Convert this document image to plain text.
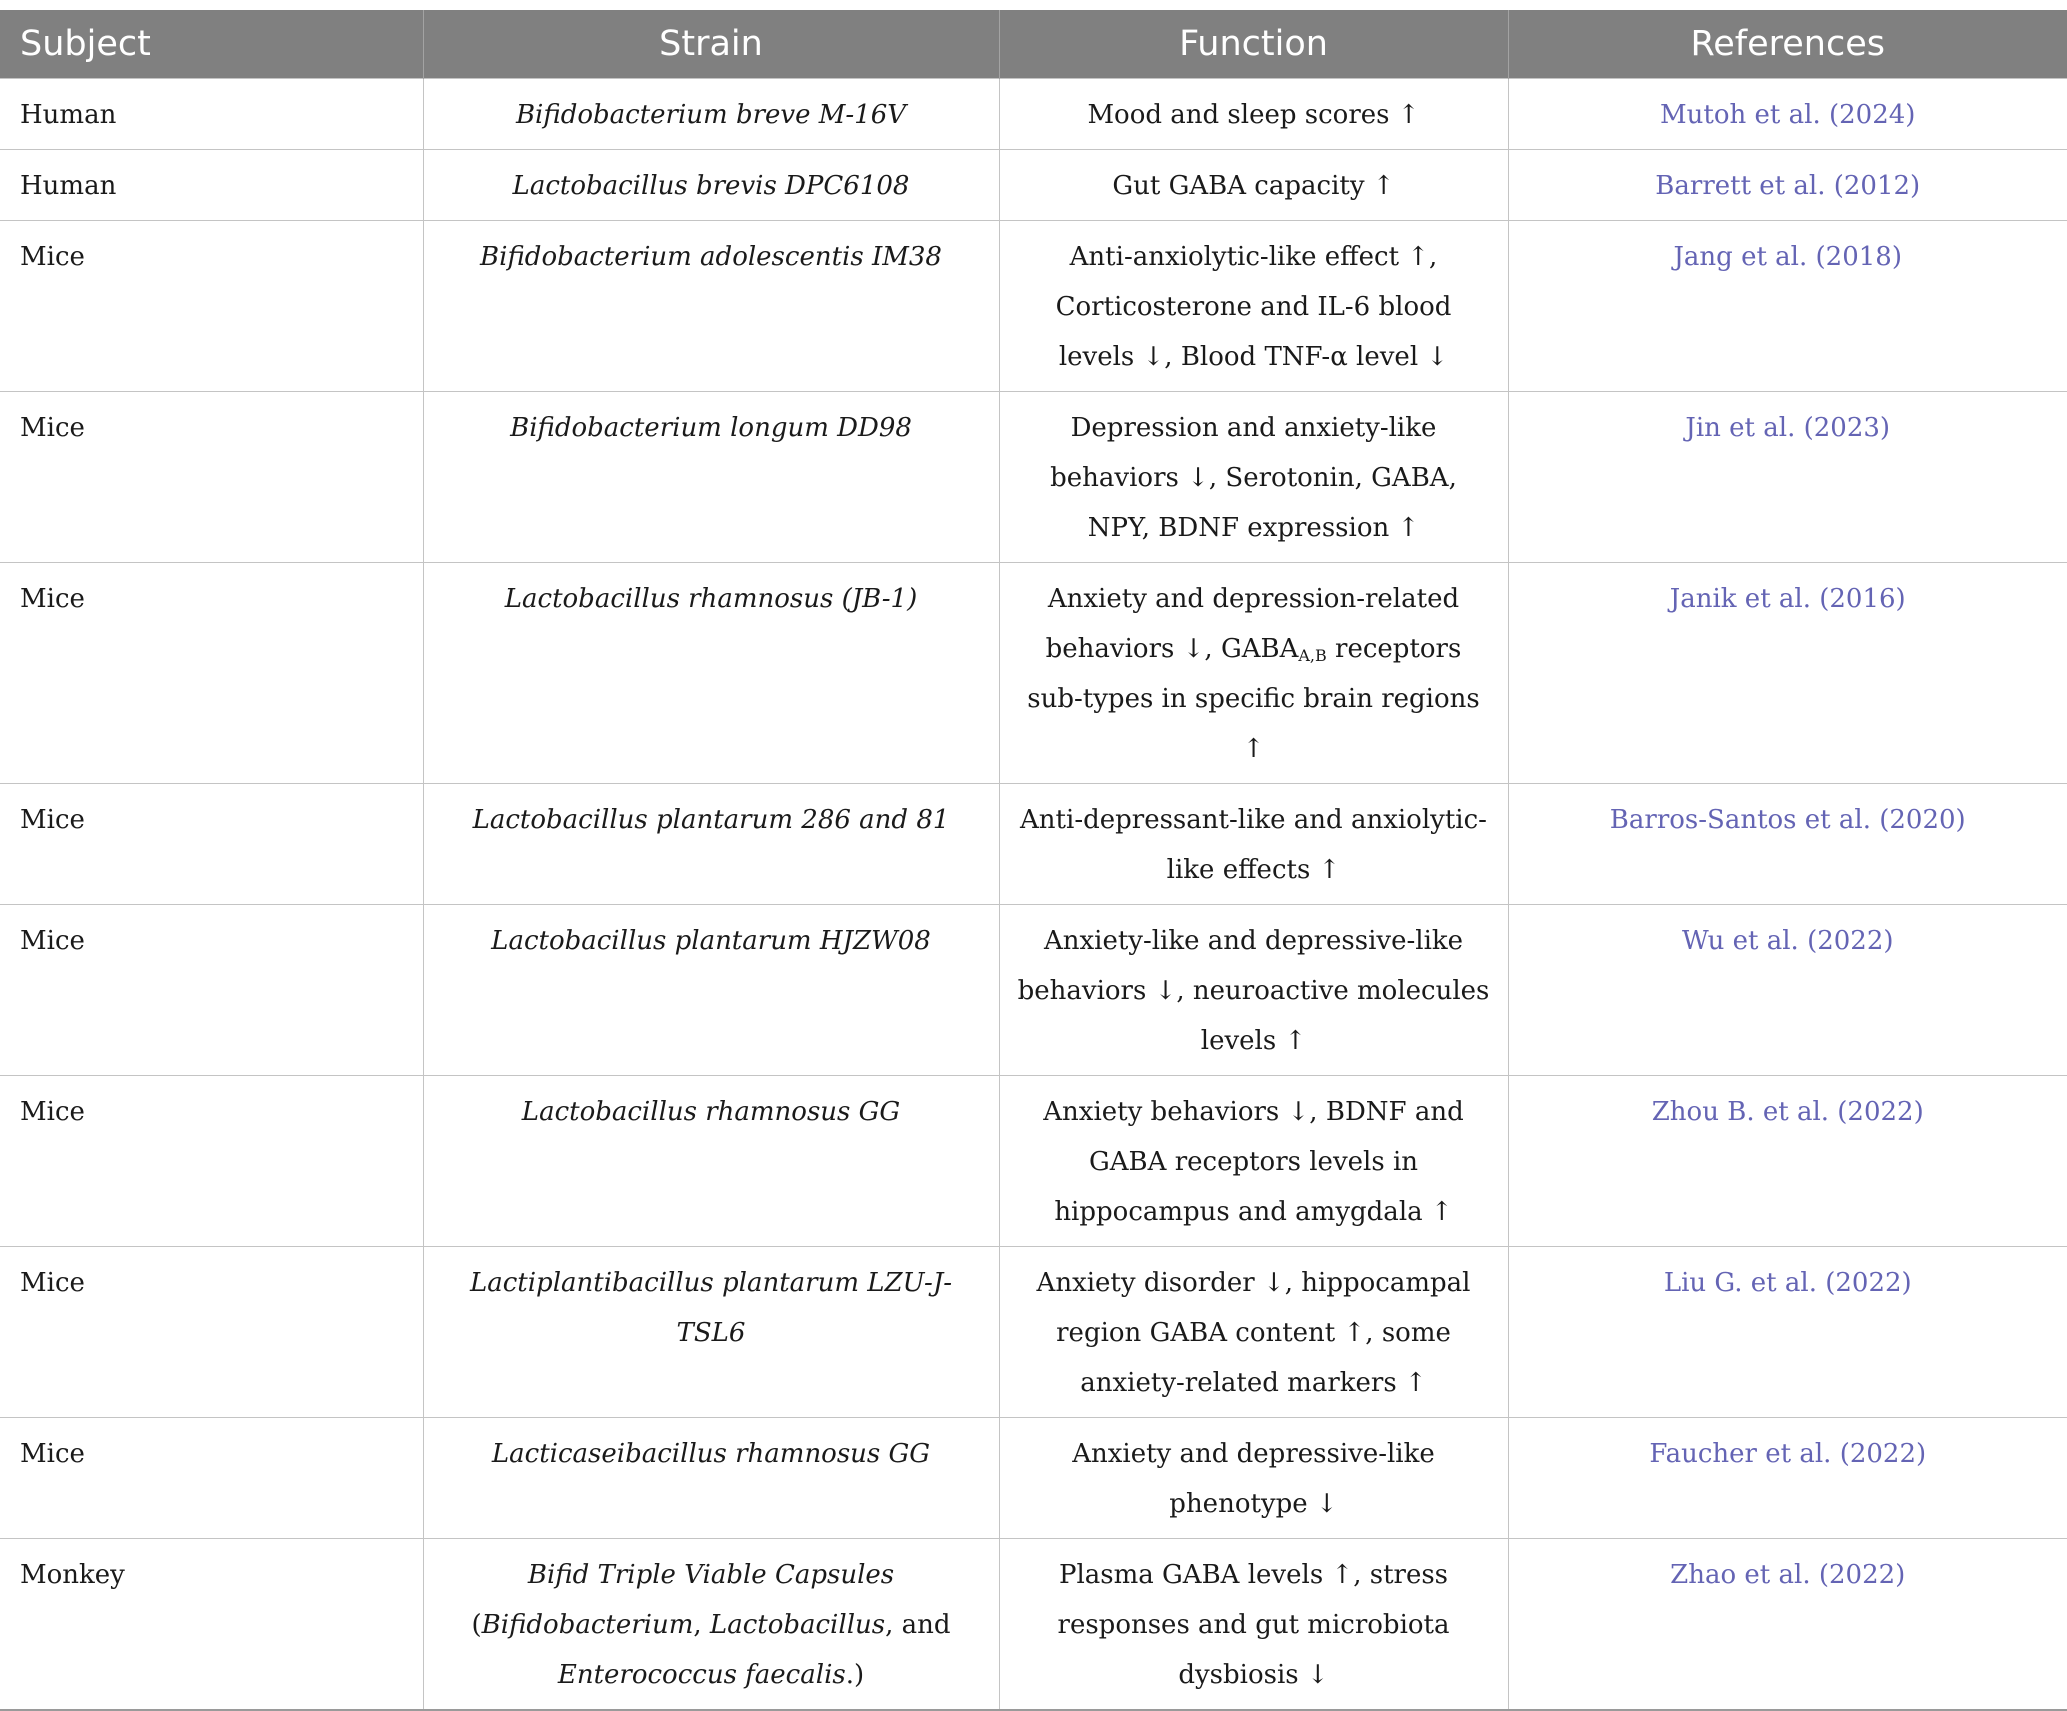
Subject	Strain	Function	References
Human	Bifidobacterium breve M-16V	Mood and sleep scores ↑	Mutoh et al. (2024)
Human	Lactobacillus brevis DPC6108	Gut GABA capacity ↑	Barrett et al. (2012)
Mice	Bifidobacterium adolescentis IM38	Anti-anxiolytic-like effect ↑, Corticosterone and IL-6 blood levels ↓, Blood TNF-α level ↓	Jang et al. (2018)
Mice	Bifidobacterium longum DD98	Depression and anxiety-like behaviors ↓, Serotonin, GABA, NPY, BDNF expression ↑	Jin et al. (2023)
Mice	Lactobacillus rhamnosus (JB-1)	Anxiety and depression-related behaviors ↓, $GABA_{A,B}$ receptors sub-types in specific brain regions ↑	Janik et al. (2016)
Mice	Lactobacillus plantarum 286 and 81	Anti-depressant-like and anxiolytic-like effects ↑	Barros-Santos et al. (2020)
Mice	Lactobacillus plantarum HJZW08	Anxiety-like and depressive-like behaviors ↓, neuroactive molecules levels ↑	Wu et al. (2022)
Mice	Lactobacillus rhamnosus GG	Anxiety behaviors ↓, BDNF and GABA receptors levels in hippocampus and amygdala ↑	Zhou B. et al. (2022)
Mice	Lactiplantibacillus plantarum LZU-J-TSL6	Anxiety disorder ↓, hippocampal region GABA content ↑, some anxiety-related markers ↑	Liu G. et al. (2022)
Mice	Lacticaseibacillus rhamnosus GG	Anxiety and depressive-like phenotype ↓	Faucher et al. (2022)
Monkey	Bifid Triple Viable Capsules (Bifidobacterium, Lactobacillus, and Enterococcus faecalis.)	Plasma GABA levels ↑, stress responses and gut microbiota dysbiosis ↓	Zhao et al. (2022)
